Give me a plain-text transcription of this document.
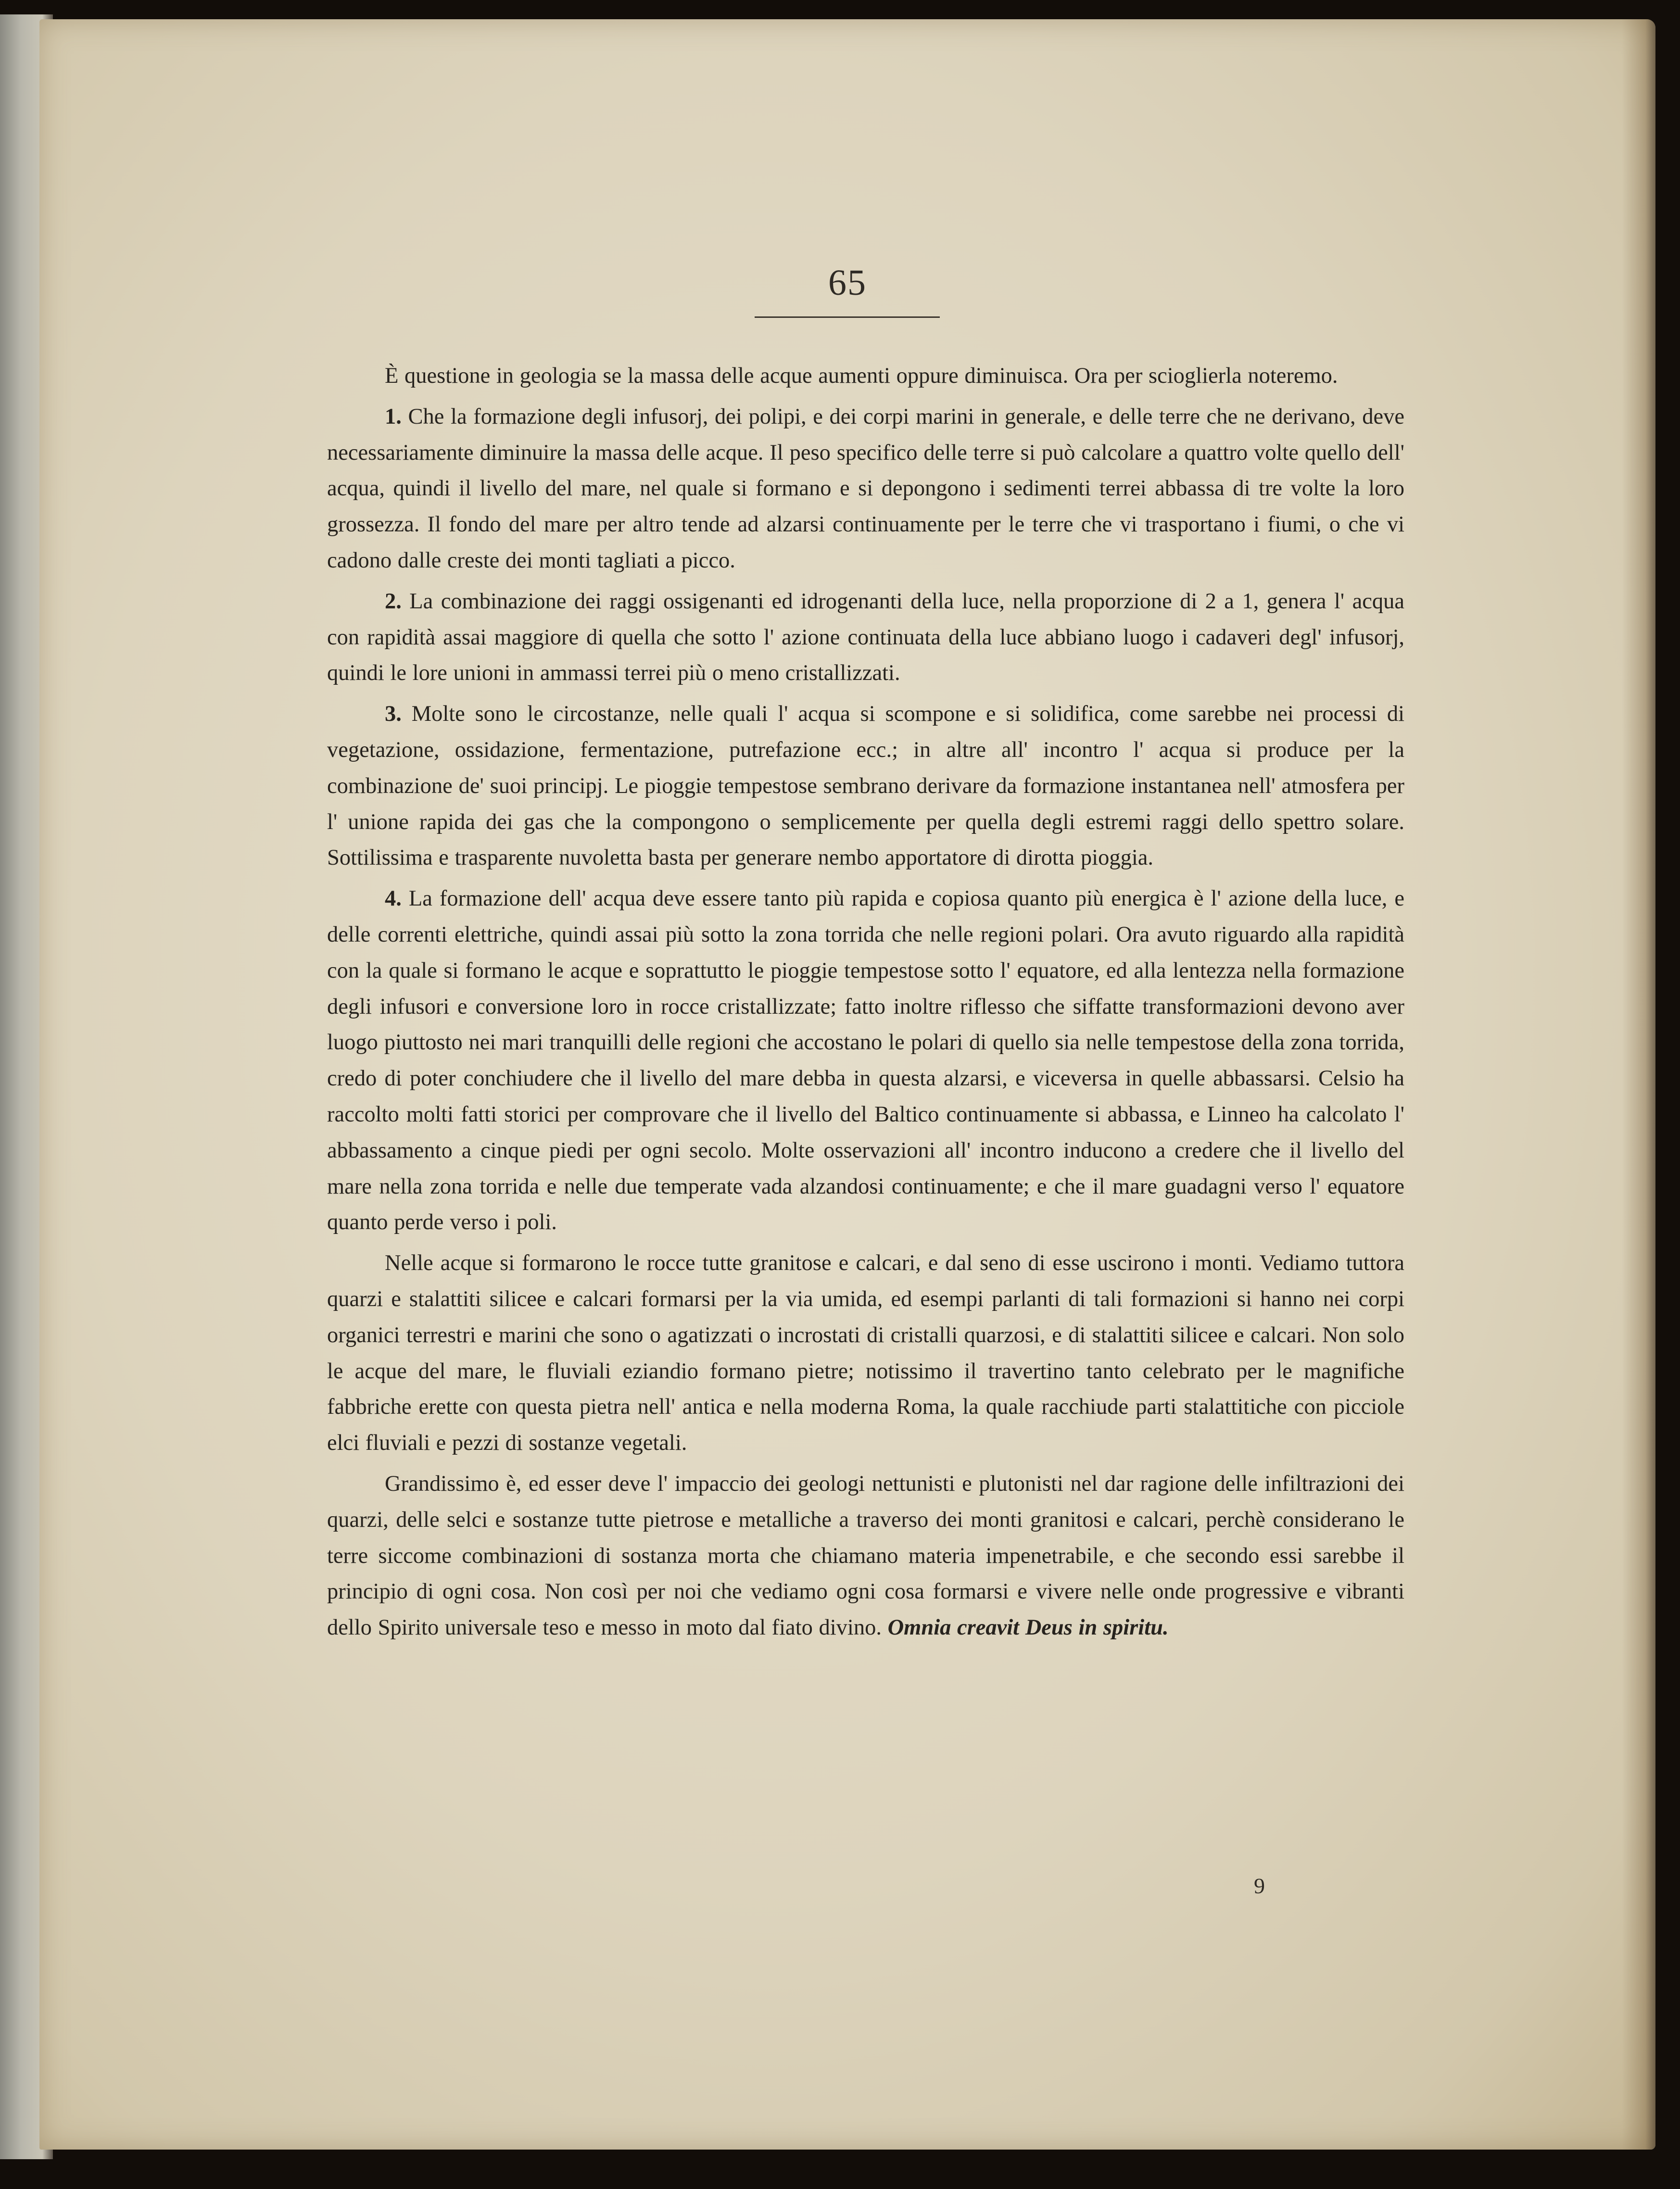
65

È questione in geologia se la massa delle acque aumenti oppure diminuisca. Ora per scioglierla noteremo.

1. Che la formazione degli infusorj, dei polipi, e dei corpi marini in generale, e delle terre che ne derivano, deve necessariamente diminuire la massa delle acque. Il peso specifico delle terre si può calcolare a quattro volte quello dell' acqua, quindi il livello del mare, nel quale si formano e si depongono i sedimenti terrei abbassa di tre volte la loro grossezza. Il fondo del mare per altro tende ad alzarsi continuamente per le terre che vi trasportano i fiumi, o che vi cadono dalle creste dei monti tagliati a picco.

2. La combinazione dei raggi ossigenanti ed idrogenanti della luce, nella proporzione di 2 a 1, genera l' acqua con rapidità assai maggiore di quella che sotto l' azione continuata della luce abbiano luogo i cadaveri degl' infusorj, quindi le lore unioni in ammassi terrei più o meno cristallizzati.

3. Molte sono le circostanze, nelle quali l' acqua si scompone e si solidifica, come sarebbe nei processi di vegetazione, ossidazione, fermentazione, putrefazione ecc.; in altre all' incontro l' acqua si produce per la combinazione de' suoi principj. Le pioggie tempestose sembrano derivare da formazione instantanea nell' atmosfera per l' unione rapida dei gas che la compongono o semplicemente per quella degli estremi raggi dello spettro solare. Sottilissima e trasparente nuvoletta basta per generare nembo apportatore di dirotta pioggia.

4. La formazione dell' acqua deve essere tanto più rapida e copiosa quanto più energica è l' azione della luce, e delle correnti elettriche, quindi assai più sotto la zona torrida che nelle regioni polari. Ora avuto riguardo alla rapidità con la quale si formano le acque e soprattutto le pioggie tempestose sotto l' equatore, ed alla lentezza nella formazione degli infusori e conversione loro in rocce cristallizzate; fatto inoltre riflesso che siffatte transformazioni devono aver luogo piuttosto nei mari tranquilli delle regioni che accostano le polari di quello sia nelle tempestose della zona torrida, credo di poter conchiudere che il livello del mare debba in questa alzarsi, e viceversa in quelle abbassarsi. Celsio ha raccolto molti fatti storici per comprovare che il livello del Baltico continuamente si abbassa, e Linneo ha calcolato l' abbassamento a cinque piedi per ogni secolo. Molte osservazioni all' incontro inducono a credere che il livello del mare nella zona torrida e nelle due temperate vada alzandosi continuamente; e che il mare guadagni verso l' equatore quanto perde verso i poli.

Nelle acque si formarono le rocce tutte granitose e calcari, e dal seno di esse uscirono i monti. Vediamo tuttora quarzi e stalattiti silicee e calcari formarsi per la via umida, ed esempi parlanti di tali formazioni si hanno nei corpi organici terrestri e marini che sono o agatizzati o incrostati di cristalli quarzosi, e di stalattiti silicee e calcari. Non solo le acque del mare, le fluviali eziandio formano pietre; notissimo il travertino tanto celebrato per le magnifiche fabbriche erette con questa pietra nell' antica e nella moderna Roma, la quale racchiude parti stalattitiche con picciole elci fluviali e pezzi di sostanze vegetali.

Grandissimo è, ed esser deve l' impaccio dei geologi nettunisti e plutonisti nel dar ragione delle infiltrazioni dei quarzi, delle selci e sostanze tutte pietrose e metalliche a traverso dei monti granitosi e calcari, perchè considerano le terre siccome combinazioni di sostanza morta che chiamano materia impenetrabile, e che secondo essi sarebbe il principio di ogni cosa. Non così per noi che vediamo ogni cosa formarsi e vivere nelle onde progressive e vibranti dello Spirito universale teso e messo in moto dal fiato divino. Omnia creavit Deus in spiritu.

9
